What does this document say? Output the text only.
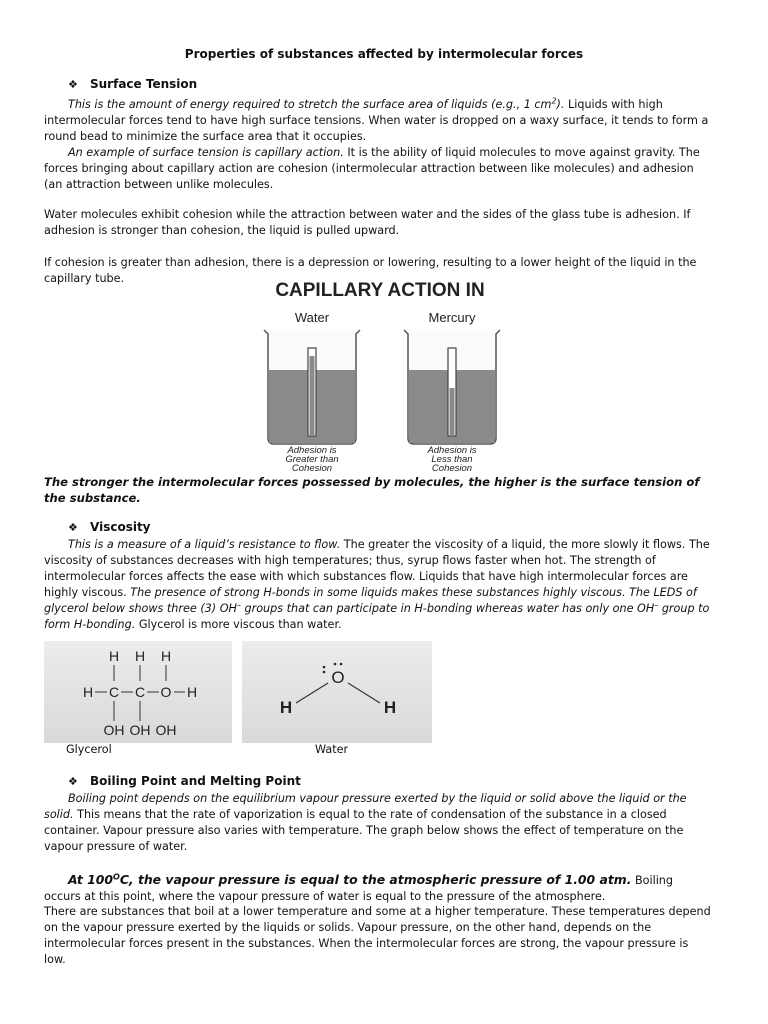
Properties of substances affected by intermolecular forces
❖ Surface Tension

This is the amount of energy required to stretch the surface area of liquids (e.g., 1 $cm^2$). Liquids with high intermolecular forces tend to have high surface tensions. When water is dropped on a waxy surface, it tends to form a round bead to minimize the surface area that it occupies.

An example of surface tension is capillary action. It is the ability of liquid molecules to move against gravity. The forces bringing about capillary action are cohesion (intermolecular attraction between like molecules) and adhesion (an attraction between unlike molecules.

Water molecules exhibit cohesion while the attraction between water and the sides of the glass tube is adhesion. If adhesion is stronger than cohesion, the liquid is pulled upward.

If cohesion is greater than adhesion, there is a depression or lowering, resulting to a lower height of the liquid in the capillary tube.

CAPILLARY ACTION IN
Water	Mercury
Adhesion is
Greater than
Cohesion
Adhesion is
Less than
Cohesion

The stronger the intermolecular forces possessed by molecules, the higher is the surface tension of the substance.

❖ Viscosity

This is a measure of a liquid’s resistance to flow. The greater the viscosity of a liquid, the more slowly it flows. The viscosity of substances decreases with high temperatures; thus, syrup flows faster when hot. The strength of intermolecular forces affects the ease with which substances flow. Liquids that have high intermolecular forces are highly viscous. The presence of strong H-bonds in some liquids makes these substances highly viscous. The LEDS of glycerol below shows three (3) OH– groups that can participate in H-bonding whereas water has only one OH– group to form H-bonding. Glycerol is more viscous than water.

H H H
H C C O H
OH OH OH
O
H	H
Glycerol	Water
❖ Boiling Point and Melting Point

Boiling point depends on the equilibrium vapour pressure exerted by the liquid or solid above the liquid or the solid. This means that the rate of vaporization is equal to the rate of condensation of the substance in a closed container. Vapour pressure also varies with temperature. The graph below shows the effect of temperature on the vapour pressure of water.

At $100^OC$, the vapour pressure is equal to the atmospheric pressure of 1.00 atm. Boiling occurs at this point, where the vapour pressure of water is equal to the pressure of the atmosphere.

There are substances that boil at a lower temperature and some at a higher temperature. These temperatures depend on the vapour pressure exerted by the liquids or solids. Vapour pressure, on the other hand, depends on the intermolecular forces present in the substances. When the intermolecular forces are strong, the vapour pressure is low.
